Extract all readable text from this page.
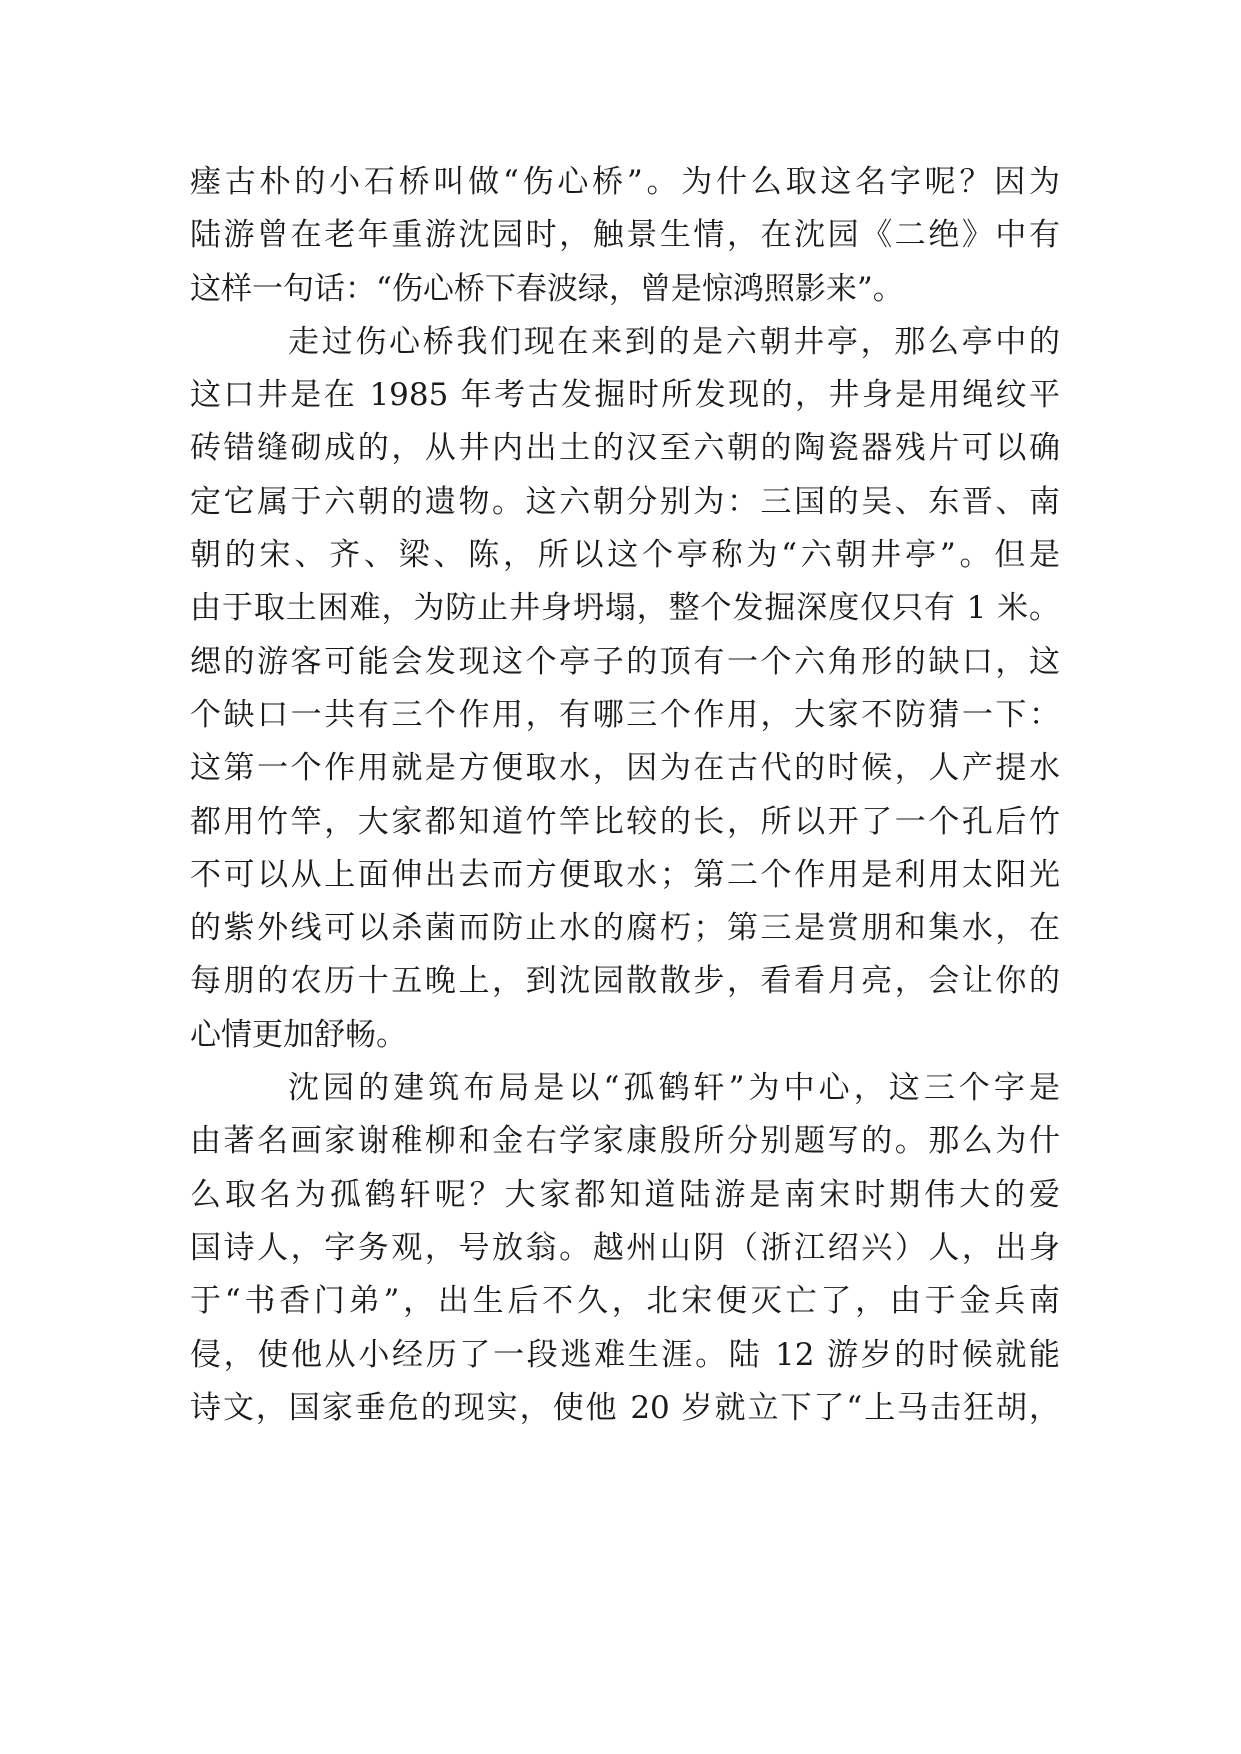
瘗古朴的小石桥叫做“伤心桥”。为什么取这名字呢？因为
陆游曾在老年重游沈园时，触景生情，在沈园《二绝》中有
这样一句话：“伤心桥下春波绿，曾是惊鸿照影来”。
走过伤心桥我们现在来到的是六朝井亭，那么亭中的
这口井是在 1985 年考古发掘时所发现的，井身是用绳纹平
砖错缝砌成的，从井内出土的汉至六朝的陶瓷器残片可以确
定它属于六朝的遗物。这六朝分别为：三国的吴、东晋、南
朝的宋、齐、梁、陈，所以这个亭称为“六朝井亭”。但是
由于取土困难，为防止井身坍塌，整个发掘深度仅只有 1 米。
缌的游客可能会发现这个亭子的顶有一个六角形的缺口，这
个缺口一共有三个作用，有哪三个作用，大家不防猜一下：
这第一个作用就是方便取水，因为在古代的时候，人产提水
都用竹竿，大家都知道竹竿比较的长，所以开了一个孔后竹
不可以从上面伸出去而方便取水；第二个作用是利用太阳光
的紫外线可以杀菌而防止水的腐朽；第三是赏朋和集水，在
每朋的农历十五晚上，到沈园散散步，看看月亮，会让你的
心情更加舒畅。
沈园的建筑布局是以“孤鹤轩”为中心，这三个字是
由著名画家谢稚柳和金右学家康殷所分别题写的。那么为什
么取名为孤鹤轩呢？大家都知道陆游是南宋时期伟大的爱
国诗人，字务观，号放翁。越州山阴（浙江绍兴）人，出身
于“书香门弟”，出生后不久，北宋便灭亡了，由于金兵南
侵，使他从小经历了一段逃难生涯。陆 12 游岁的时候就能
诗文，国家垂危的现实，使他 20 岁就立下了“上马击狂胡，
